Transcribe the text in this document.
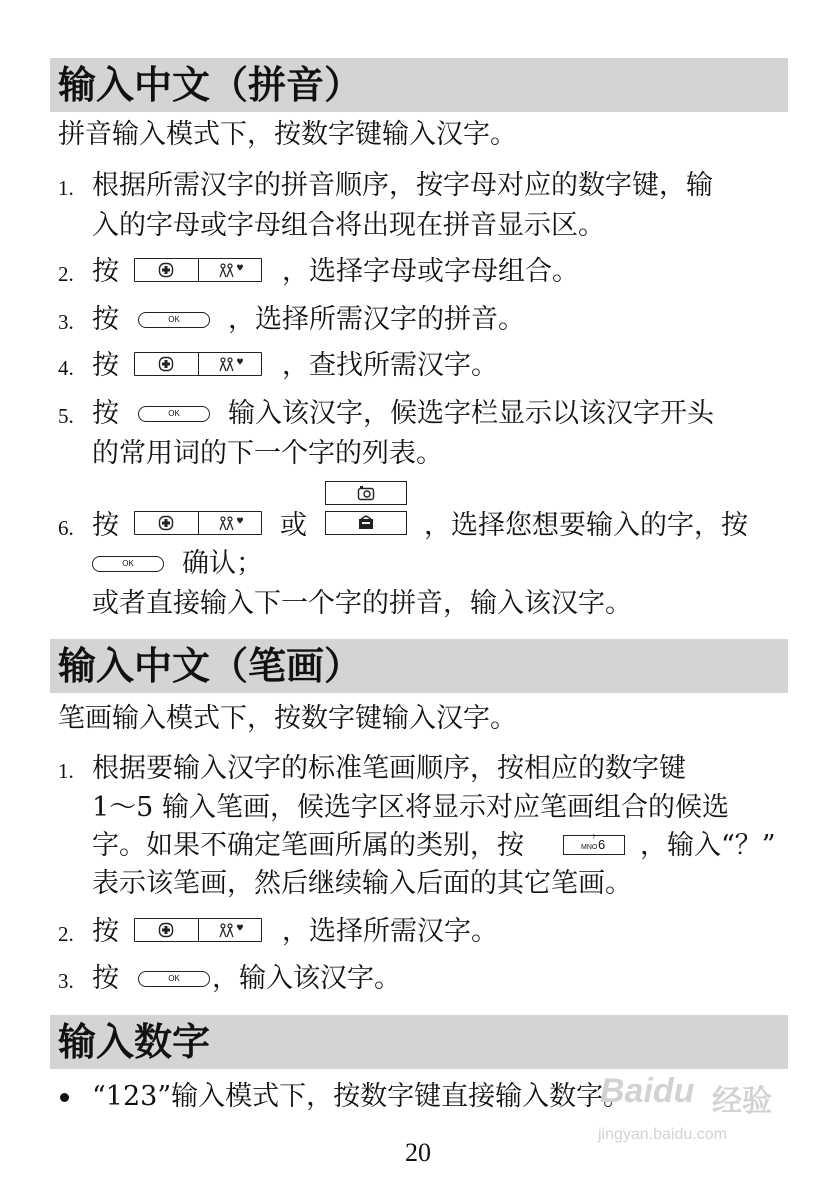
输入中文（拼音）
拼音输入模式下，按数字键输入汉字。
1. 根据所需汉字的拼音顺序，按字母对应的数字键，输
入的字母或字母组合将出现在拼音显示区。
2. 按	，选择字母或字母组合。
3. 按	OK	，选择所需汉字的拼音。
4. 按	，查找所需汉字。
5. 按	OK	输入该汉字，候选字栏显示以该汉字开头
的常用词的下一个字的列表。
6. 按	或	，选择您想要输入的字，按
OK	确认；
或者直接输入下一个字的拼音，输入该汉字。
输入中文（笔画）
笔画输入模式下，按数字键输入汉字。
1. 根据要输入汉字的标准笔画顺序，按相应的数字键
1～5 输入笔画，候选字区将显示对应笔画组合的候选
字。如果不确定笔画所属的类别，按	?
MNO 6 ，输入“？”
表示该笔画，然后继续输入后面的其它笔画。
2. 按	，选择所需汉字。
3. 按	OK	，输入该汉字。
输入数字
“123”输入模式下，按数字键直接输入数字。
Baidu 经验
jingyan.baidu.com
20
